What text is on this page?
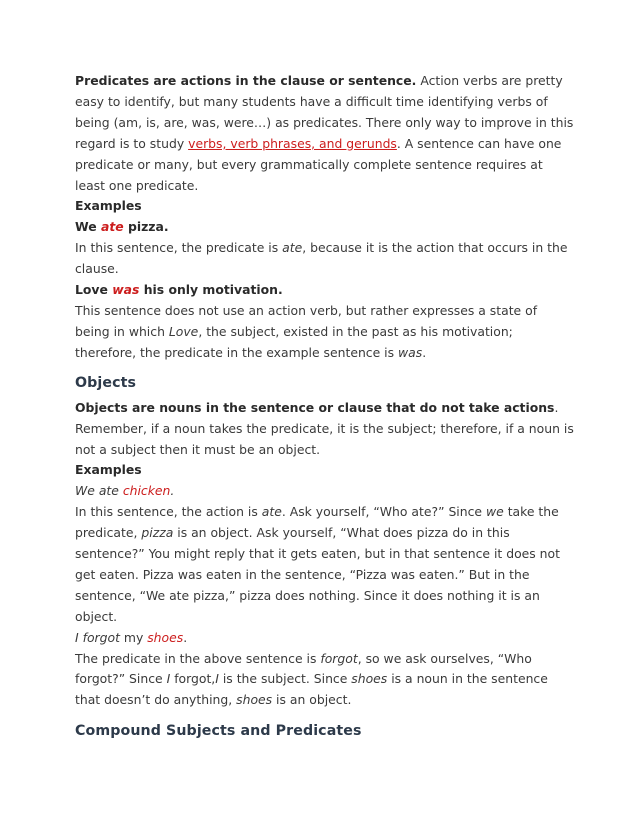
Predicates are actions in the clause or sentence. Action verbs are pretty easy to identify, but many students have a difficult time identifying verbs of being (am, is, are, was, were…) as predicates. There only way to improve in this regard is to study verbs, verb phrases, and gerunds. A sentence can have one predicate or many, but every grammatically complete sentence requires at least one predicate.

Examples

We ate pizza.

In this sentence, the predicate is ate, because it is the action that occurs in the clause.

Love was his only motivation.

This sentence does not use an action verb, but rather expresses a state of being in which Love, the subject, existed in the past as his motivation; therefore, the predicate in the example sentence is was.

Objects

Objects are nouns in the sentence or clause that do not take actions.

Remember, if a noun takes the predicate, it is the subject; therefore, if a noun is not a subject then it must be an object.

Examples

We ate chicken.

In this sentence, the action is ate. Ask yourself, “Who ate?” Since we take the predicate, pizza is an object. Ask yourself, “What does pizza do in this sentence?” You might reply that it gets eaten, but in that sentence it does not get eaten. Pizza was eaten in the sentence, “Pizza was eaten.” But in the sentence, “We ate pizza,” pizza does nothing. Since it does nothing it is an object.

I forgot my shoes.

The predicate in the above sentence is forgot, so we ask ourselves, “Who forgot?” Since I forgot,I is the subject. Since shoes is a noun in the sentence that doesn’t do anything, shoes is an object.

Compound Subjects and Predicates
